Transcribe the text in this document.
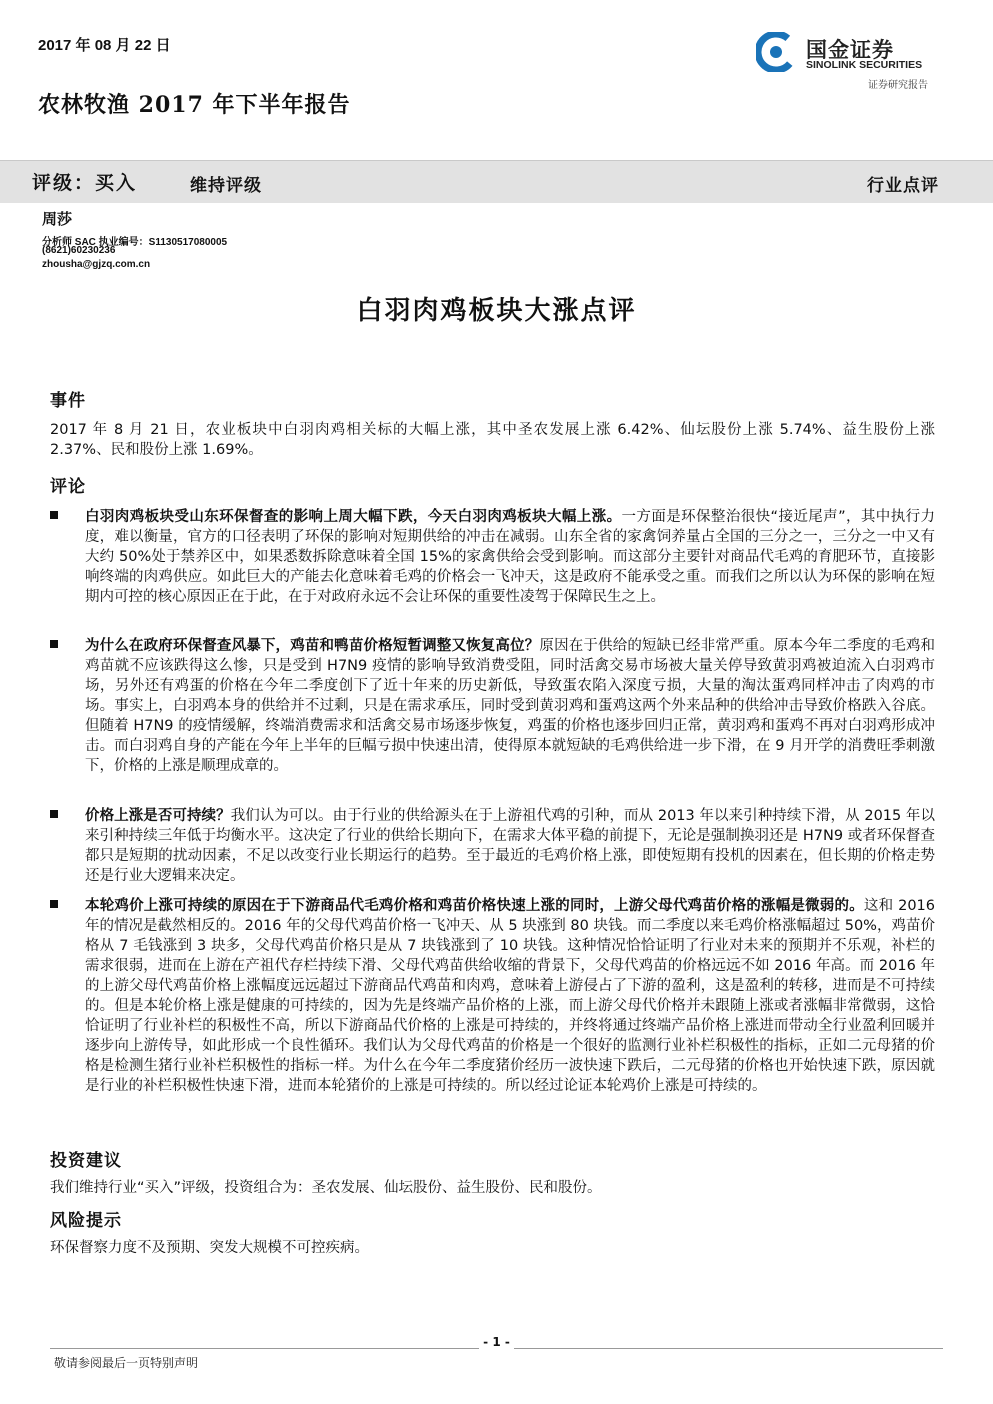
2017 年 08 月 22 日
农林牧渔 2017 年下半年报告
国金证券
SINOLINK SECURITIES
证券研究报告
评级：买入	维持评级	行业点评
周莎
分析师 SAC 执业编号：S1130517080005
(8621)60230236
zhousha@gjzq.com.cn
白羽肉鸡板块大涨点评
事件
2017 年 8 月 21 日，农业板块中白羽肉鸡相关标的大幅上涨，其中圣农发展上涨 6.42%、仙坛股份上涨 5.74%、益生股份上涨 2.37%、民和股份上涨 1.69%。
评论
白羽肉鸡板块受山东环保督查的影响上周大幅下跌，今天白羽肉鸡板块大幅上涨。一方面是环保整治很快“接近尾声”，其中执行力度，难以衡量，官方的口径表明了环保的影响对短期供给的冲击在减弱。山东全省的家禽饲养量占全国的三分之一，三分之一中又有大约 50%处于禁养区中，如果悉数拆除意味着全国 15%的家禽供给会受到影响。而这部分主要针对商品代毛鸡的育肥环节，直接影响终端的肉鸡供应。如此巨大的产能去化意味着毛鸡的价格会一飞冲天，这是政府不能承受之重。而我们之所以认为环保的影响在短期内可控的核心原因正在于此，在于对政府永远不会让环保的重要性凌驾于保障民生之上。
为什么在政府环保督查风暴下，鸡苗和鸭苗价格短暂调整又恢复高位？原因在于供给的短缺已经非常严重。原本今年二季度的毛鸡和鸡苗就不应该跌得这么惨，只是受到 H7N9 疫情的影响导致消费受阻，同时活禽交易市场被大量关停导致黄羽鸡被迫流入白羽鸡市场，另外还有鸡蛋的价格在今年二季度创下了近十年来的历史新低，导致蛋农陷入深度亏损，大量的淘汰蛋鸡同样冲击了肉鸡的市场。事实上，白羽鸡本身的供给并不过剩，只是在需求承压，同时受到黄羽鸡和蛋鸡这两个外来品种的供给冲击导致价格跌入谷底。但随着 H7N9 的疫情缓解，终端消费需求和活禽交易市场逐步恢复，鸡蛋的价格也逐步回归正常，黄羽鸡和蛋鸡不再对白羽鸡形成冲击。而白羽鸡自身的产能在今年上半年的巨幅亏损中快速出清，使得原本就短缺的毛鸡供给进一步下滑，在 9 月开学的消费旺季刺激下，价格的上涨是顺理成章的。
价格上涨是否可持续？我们认为可以。由于行业的供给源头在于上游祖代鸡的引种，而从 2013 年以来引种持续下滑，从 2015 年以来引种持续三年低于均衡水平。这决定了行业的供给长期向下，在需求大体平稳的前提下，无论是强制换羽还是 H7N9 或者环保督查都只是短期的扰动因素，不足以改变行业长期运行的趋势。至于最近的毛鸡价格上涨，即使短期有投机的因素在，但长期的价格走势还是行业大逻辑来决定。
本轮鸡价上涨可持续的原因在于下游商品代毛鸡价格和鸡苗价格快速上涨的同时，上游父母代鸡苗价格的涨幅是微弱的。这和 2016 年的情况是截然相反的。2016 年的父母代鸡苗价格一飞冲天、从 5 块涨到 80 块钱。而二季度以来毛鸡价格涨幅超过 50%，鸡苗价格从 7 毛钱涨到 3 块多，父母代鸡苗价格只是从 7 块钱涨到了 10 块钱。这种情况恰恰证明了行业对未来的预期并不乐观，补栏的需求很弱，进而在上游在产祖代存栏持续下滑、父母代鸡苗供给收缩的背景下，父母代鸡苗的价格远远不如 2016 年高。而 2016 年的上游父母代鸡苗价格上涨幅度远远超过下游商品代鸡苗和肉鸡，意味着上游侵占了下游的盈利，这是盈利的转移，进而是不可持续的。但是本轮价格上涨是健康的可持续的，因为先是终端产品价格的上涨，而上游父母代价格并未跟随上涨或者涨幅非常微弱，这恰恰证明了行业补栏的积极性不高，所以下游商品代价格的上涨是可持续的，并终将通过终端产品价格上涨进而带动全行业盈利回暖并逐步向上游传导，如此形成一个良性循环。我们认为父母代鸡苗的价格是一个很好的监测行业补栏积极性的指标，正如二元母猪的价格是检测生猪行业补栏积极性的指标一样。为什么在今年二季度猪价经历一波快速下跌后，二元母猪的价格也开始快速下跌，原因就是行业的补栏积极性快速下滑，进而本轮猪价的上涨是可持续的。所以经过论证本轮鸡价上涨是可持续的。
投资建议
我们维持行业“买入”评级，投资组合为：圣农发展、仙坛股份、益生股份、民和股份。
风险提示
环保督察力度不及预期、突发大规模不可控疾病。
- 1 -
敬请参阅最后一页特别声明
